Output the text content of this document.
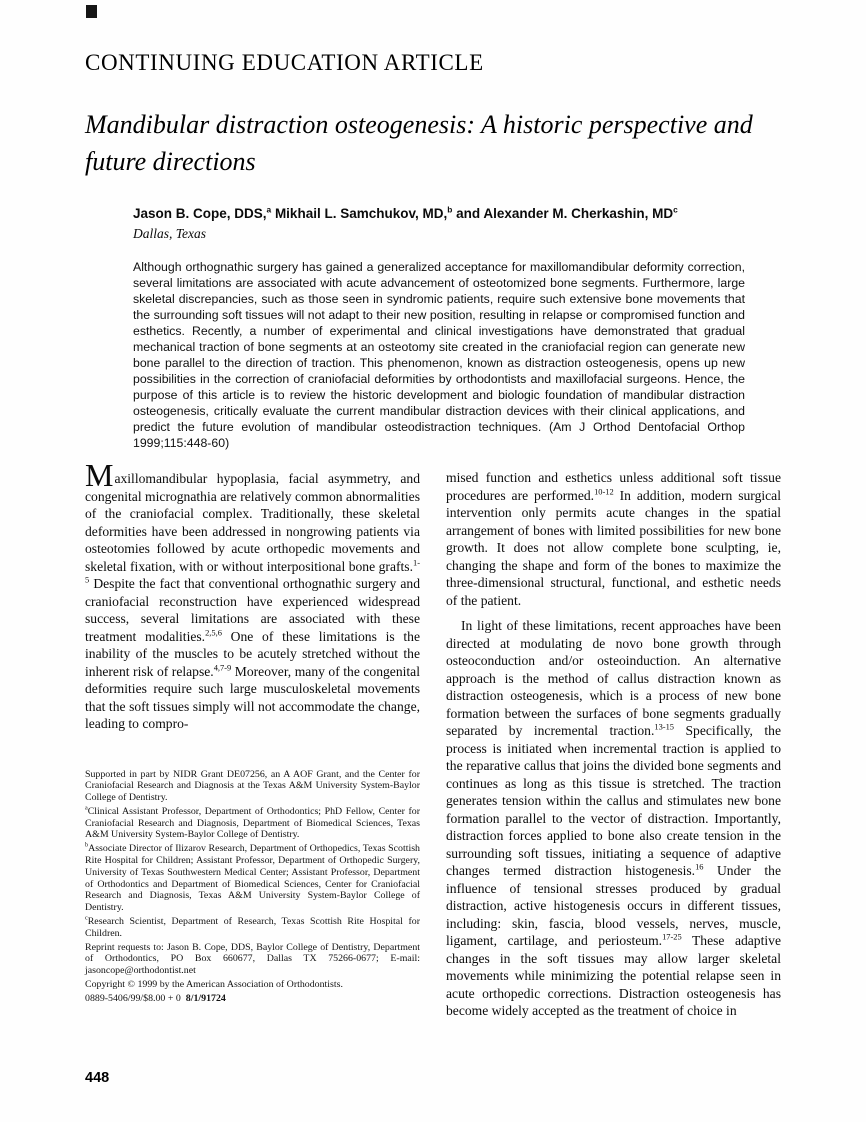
CONTINUING EDUCATION ARTICLE
Mandibular distraction osteogenesis: A historic perspective and future directions

Jason B. Cope, DDS,$^a$ Mikhail L. Samchukov, MD,$^b$ and Alexander M. Cherkashin, $MD^c$

Dallas, Texas

Although orthognathic surgery has gained a generalized acceptance for maxillomandibular deformity correction, several limitations are associated with acute advancement of osteotomized bone segments. Furthermore, large skeletal discrepancies, such as those seen in syndromic patients, require such extensive bone movements that the surrounding soft tissues will not adapt to their new position, resulting in relapse or compromised function and esthetics. Recently, a number of experimental and clinical investigations have demonstrated that gradual mechanical traction of bone segments at an osteotomy site created in the craniofacial region can generate new bone parallel to the direction of traction. This phenomenon, known as distraction osteogenesis, opens up new possibilities in the correction of craniofacial deformities by orthodontists and maxillofacial surgeons. Hence, the purpose of this article is to review the historic development and biologic foundation of mandibular distraction osteogenesis, critically evaluate the current mandibular distraction devices with their clinical applications, and predict the future evolution of mandibular osteodistraction techniques. (Am J Orthod Dentofacial Orthop 1999;115:448-60)

Maxillomandibular hypoplasia, facial asymmetry, and congenital micrognathia are relatively common abnormalities of the craniofacial complex. Traditionally, these skeletal deformities have been addressed in nongrowing patients via osteotomies followed by acute orthopedic movements and skeletal fixation, with or without interpositional bone grafts.$^{1-5}$ Despite the fact that conventional orthognathic surgery and craniofacial reconstruction have experienced widespread success, several limitations are associated with these treatment modalities.$^{2,5,6}$ One of these limitations is the inability of the muscles to be acutely stretched without the inherent risk of relapse.$^{4,7-9}$ Moreover, many of the congenital deformities require such large musculoskeletal movements that the soft tissues simply will not accommodate the change, leading to compro-

Supported in part by NIDR Grant DE07256, an A AOF Grant, and the Center for Craniofacial Research and Diagnosis at the Texas A&M University System-Baylor College of Dentistry.

$^a$Clinical Assistant Professor, Department of Orthodontics; PhD Fellow, Center for Craniofacial Research and Diagnosis, Department of Biomedical Sciences, Texas A&M University System-Baylor College of Dentistry.

$^b$Associate Director of Ilizarov Research, Department of Orthopedics, Texas Scottish Rite Hospital for Children; Assistant Professor, Department of Orthopedic Surgery, University of Texas Southwestern Medical Center; Assistant Professor, Department of Orthodontics and Department of Biomedical Sciences, Center for Craniofacial Research and Diagnosis, Texas A&M University System-Baylor College of Dentistry.

$^c$Research Scientist, Department of Research, Texas Scottish Rite Hospital for Children.

Reprint requests to: Jason B. Cope, DDS, Baylor College of Dentistry, Department of Orthodontics, PO Box 660677, Dallas TX 75266-0677; E-mail: jasoncope@orthodontist.net

Copyright © 1999 by the American Association of Orthodontists.

0889-5406/99/$8.00 + 0  8/1/91724

mised function and esthetics unless additional soft tissue procedures are performed.$^{10-12}$ In addition, modern surgical intervention only permits acute changes in the spatial arrangement of bones with limited possibilities for new bone growth. It does not allow complete bone sculpting, ie, changing the shape and form of the bones to maximize the three-dimensional structural, functional, and esthetic needs of the patient.

In light of these limitations, recent approaches have been directed at modulating de novo bone growth through osteoconduction and/or osteoinduction. An alternative approach is the method of callus distraction known as distraction osteogenesis, which is a process of new bone formation between the surfaces of bone segments gradually separated by incremental traction.$^{13-15}$ Specifically, the process is initiated when incremental traction is applied to the reparative callus that joins the divided bone segments and continues as long as this tissue is stretched. The traction generates tension within the callus and stimulates new bone formation parallel to the vector of distraction. Importantly, distraction forces applied to bone also create tension in the surrounding soft tissues, initiating a sequence of adaptive changes termed distraction histogenesis.$^{16}$ Under the influence of tensional stresses produced by gradual distraction, active histogenesis occurs in different tissues, including: skin, fascia, blood vessels, nerves, muscle, ligament, cartilage, and periosteum.$^{17-25}$ These adaptive changes in the soft tissues may allow larger skeletal movements while minimizing the potential relapse seen in acute orthopedic corrections. Distraction osteogenesis has become widely accepted as the treatment of choice in

448
